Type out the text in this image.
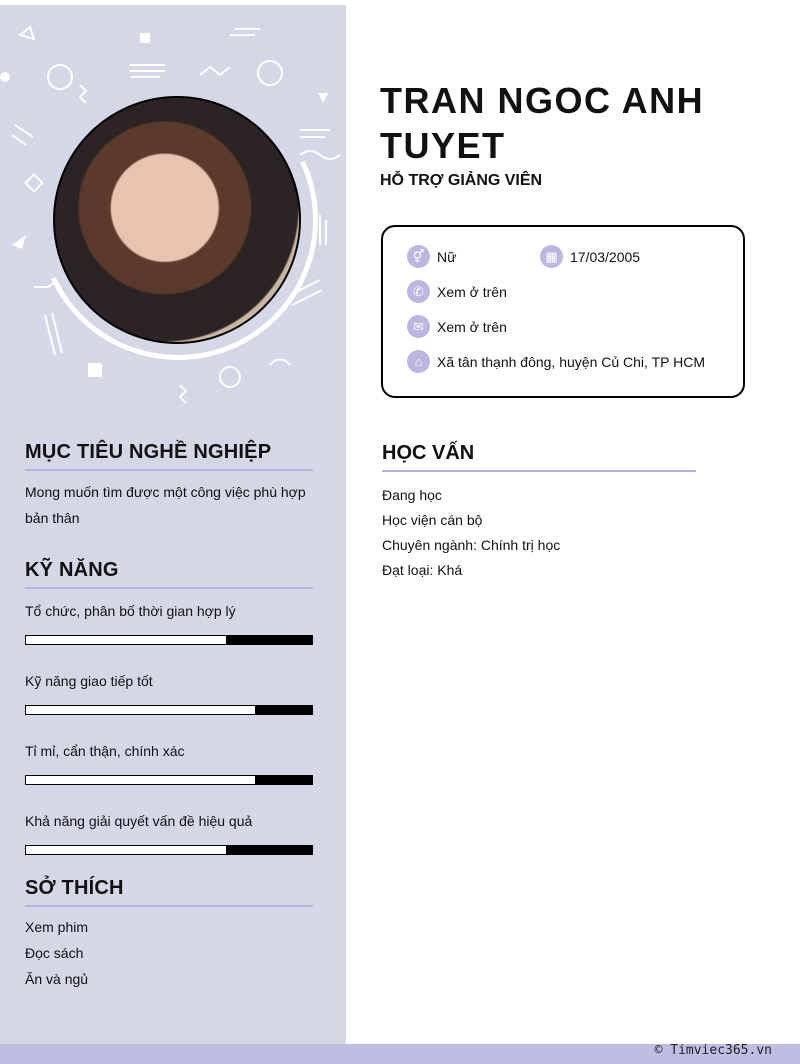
MỤC TIÊU NGHỀ NGHIỆP

Mong muốn tìm được một công việc phù hợp bản thân

KỸ NĂNG
Tổ chức, phân bố thời gian hợp lý
Kỹ năng giao tiếp tốt
Tỉ mỉ, cẩn thận, chính xác
Khả năng giải quyết vấn đề hiệu quả
SỞ THÍCH
Xem phim
Đọc sách
Ăn và ngủ
TRAN NGOC ANH TUYET
HỖ TRỢ GIẢNG VIÊN
⚥ Nữ	▦ 17/03/2005
✆ Xem ở trên
✉ Xem ở trên
⌂	Xã tân thạnh đông, huyện Củ Chi, TP HCM
HỌC VẤN

Đang học

Học viện cán bộ

Chuyên ngành: Chính trị học

Đạt loại: Khá

© Timviec365.vn
